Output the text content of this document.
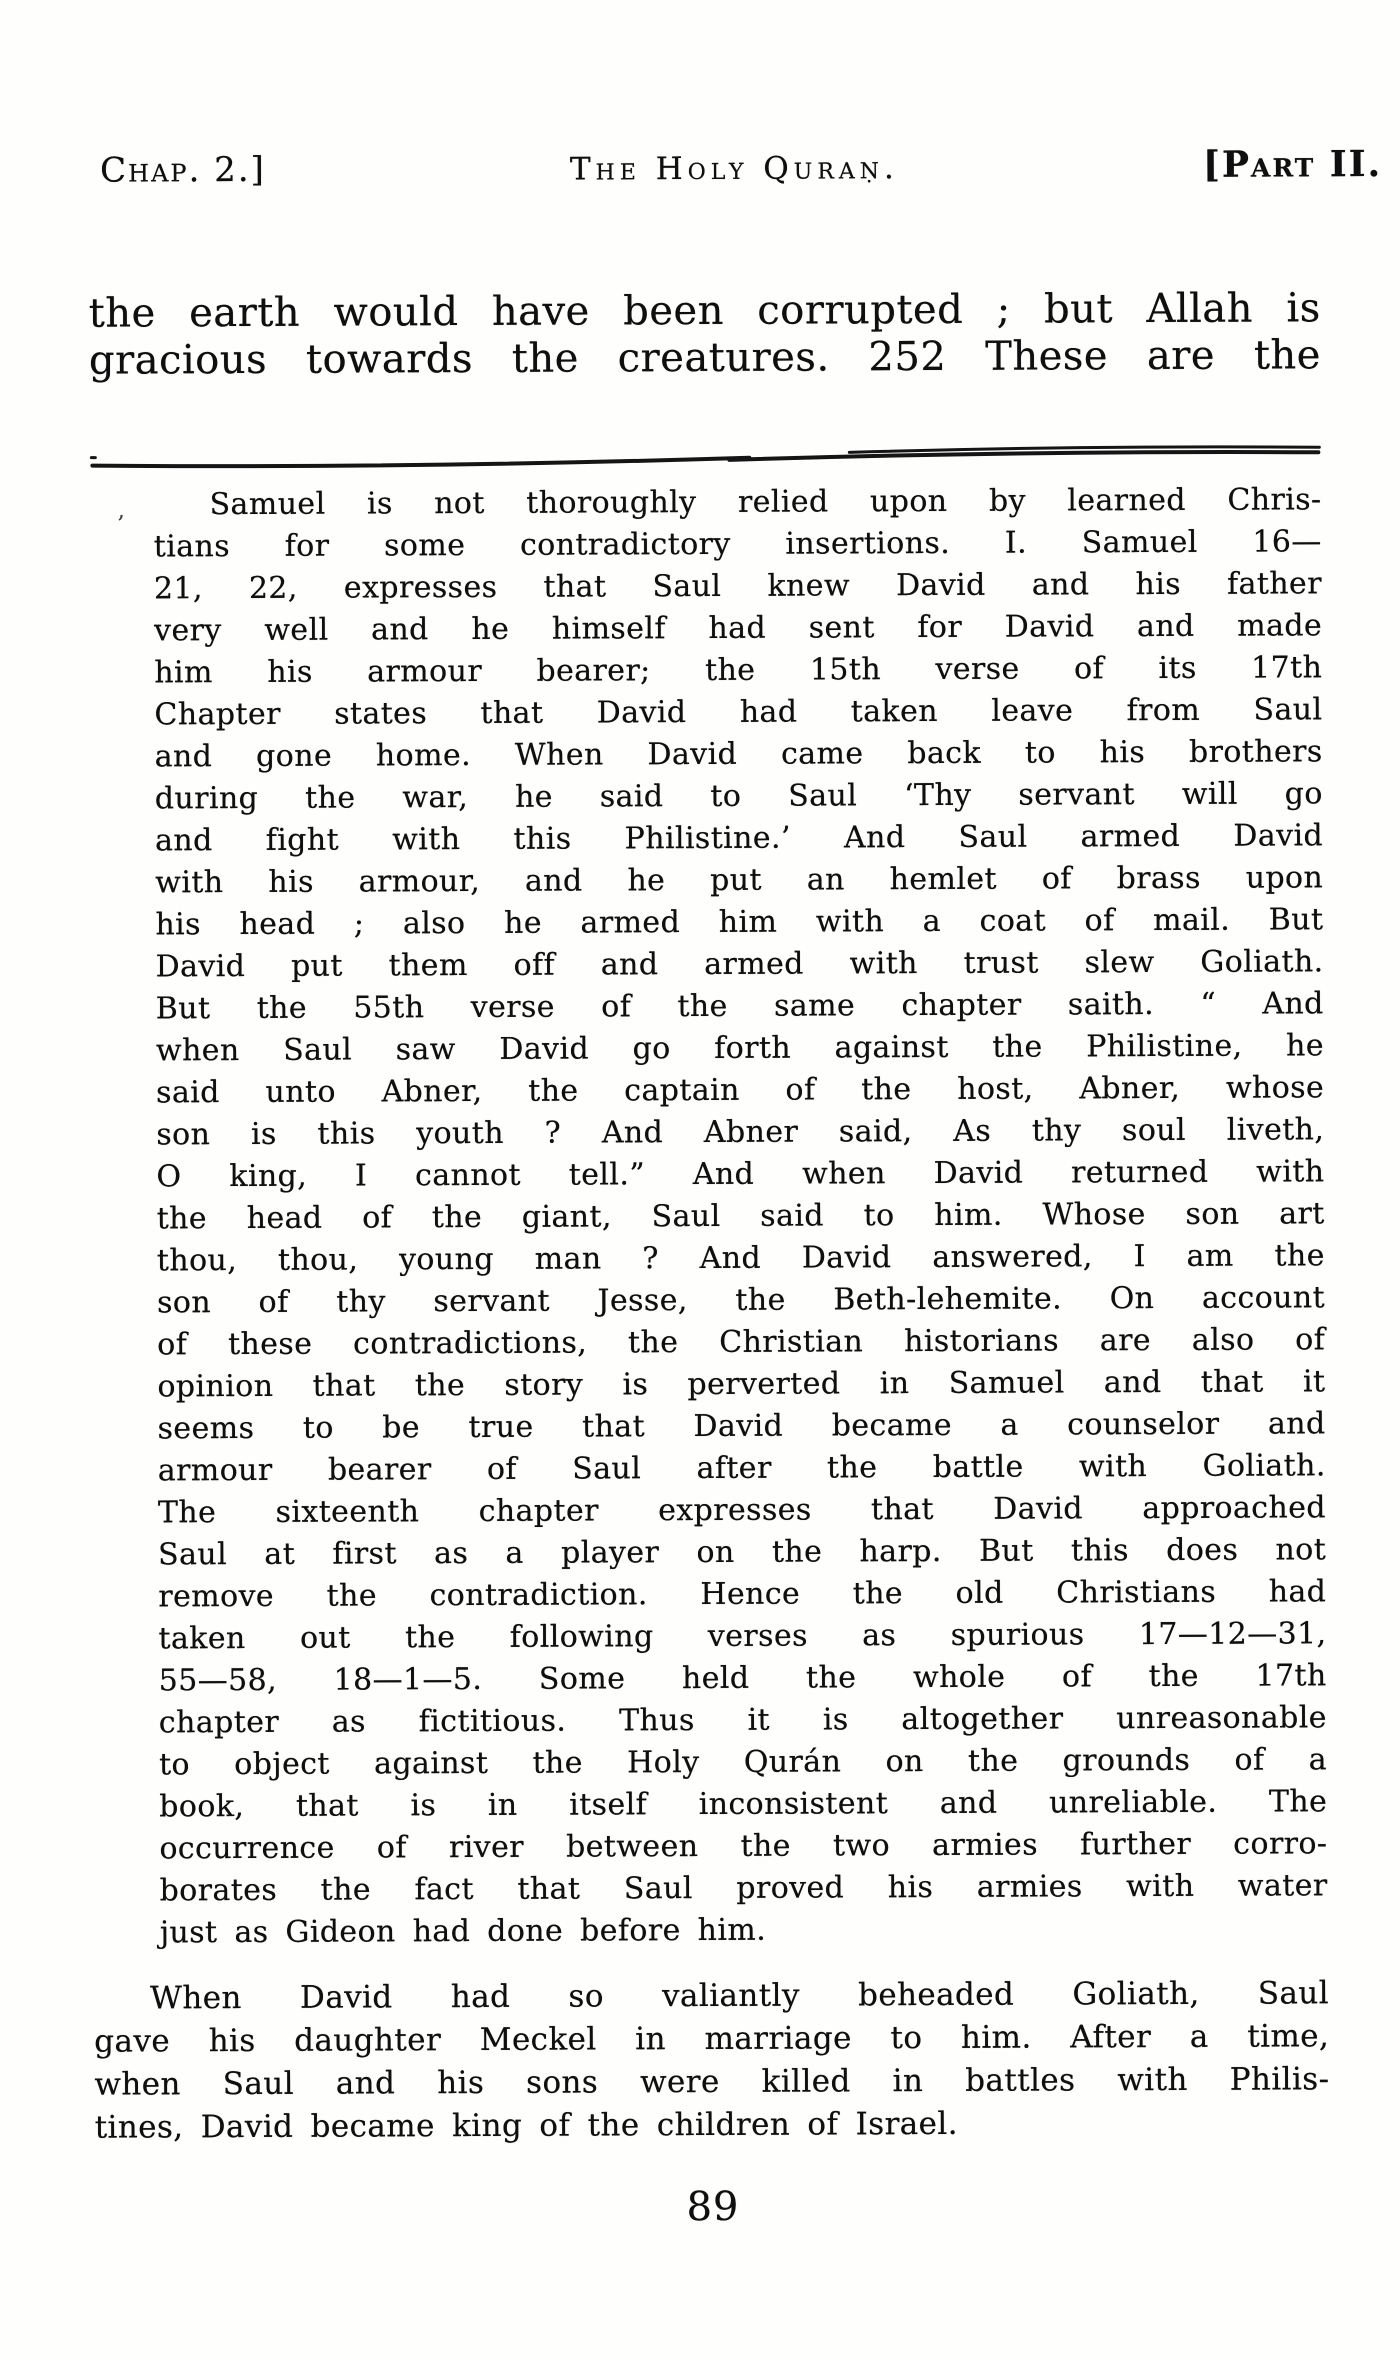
Chap. 2.]	The Holy Quraṇ.	[Part II.
the earth would have been corrupted ; but Allah is
gracious towards the creatures. 252 These are the
‚	Samuel is not thoroughly relied upon by learned Chris-
tians for some contradictory insertions. I. Samuel 16—
21, 22, expresses that Saul knew David and his father
very well and he himself had sent for David and made
him his armour bearer; the 15th verse of its 17th
Chapter states that David had taken leave from Saul
and gone home. When David came back to his brothers
during the war, he said to Saul ‘Thy servant will go
and fight with this Philistine.’ And Saul armed David
with his armour, and he put an hemlet of brass upon
his head ; also he armed him with a coat of mail. But
David put them off and armed with trust slew Goliath.
But the 55th verse of the same chapter saith. “ And
when Saul saw David go forth against the Philistine, he
said unto Abner, the captain of the host, Abner, whose
son is this youth ? And Abner said, As thy soul liveth,
O king, I cannot tell.” And when David returned with
the head of the giant, Saul said to him. Whose son art
thou, thou, young man ? And David answered, I am the
son of thy servant Jesse, the Beth-lehemite. On account
of these contradictions, the Christian historians are also of
opinion that the story is perverted in Samuel and that it
seems to be true that David became a counselor and
armour bearer of Saul after the battle with Goliath.
The sixteenth chapter expresses that David approached
Saul at first as a player on the harp. But this does not
remove the contradiction. Hence the old Christians had
taken out the following verses as spurious 17—12—31,
55—58, 18—1—5. Some held the whole of the 17th
chapter as fictitious. Thus it is altogether unreasonable
to object against the Holy Qurán on the grounds of a
book, that is in itself inconsistent and unreliable. The
occurrence of river between the two armies further corro-
borates the fact that Saul proved his armies with water
just as Gideon had done before him.
When David had so valiantly beheaded Goliath, Saul
gave his daughter Meckel in marriage to him. After a time,
when Saul and his sons were killed in battles with Philis-
tines, David became king of the children of Israel.
89
